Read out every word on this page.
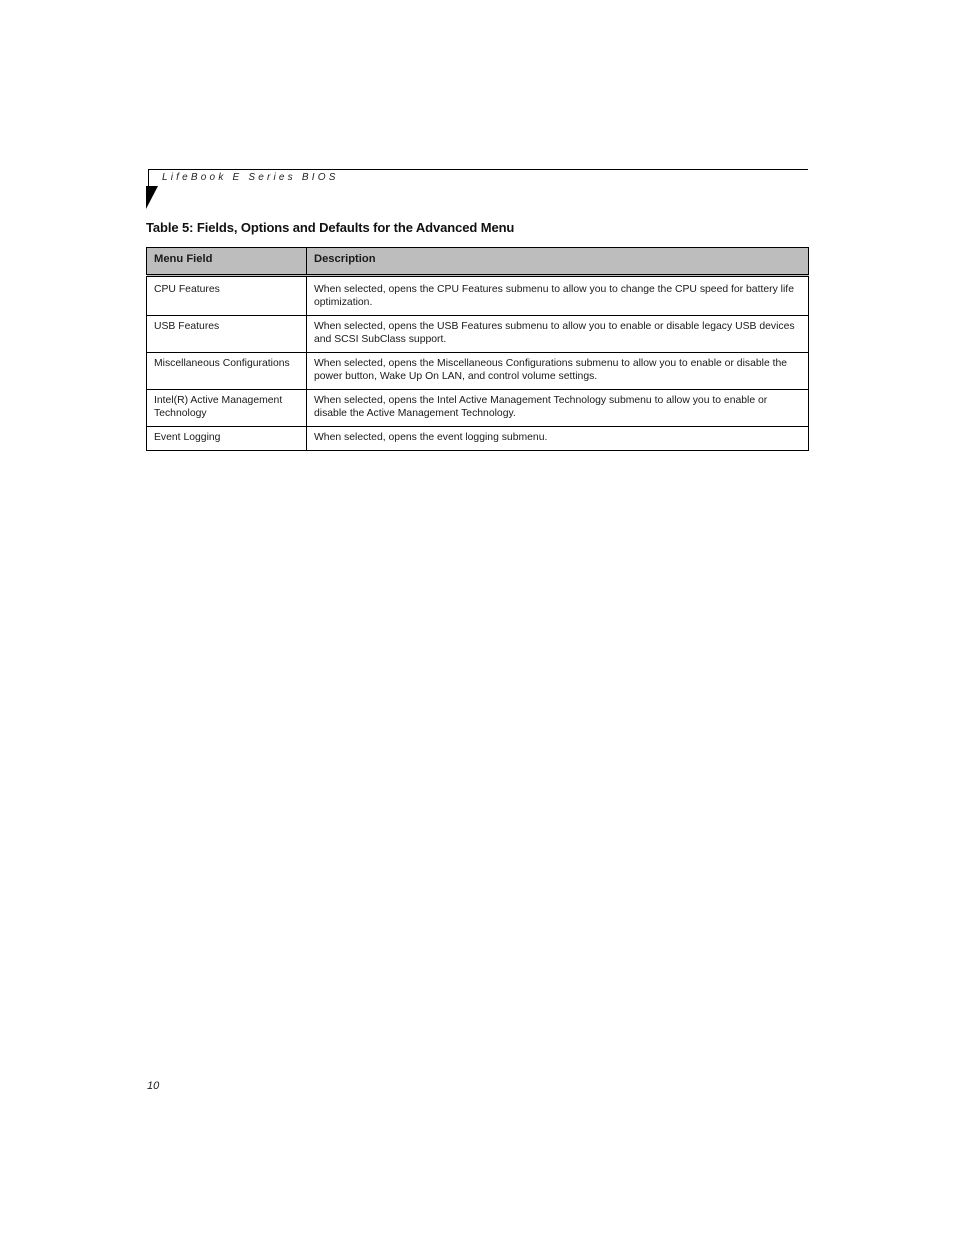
LifeBook E Series BIOS
Table 5: Fields, Options and Defaults for the Advanced Menu
Menu Field	Description
CPU Features	When selected, opens the CPU Features submenu to allow you to change the CPU speed for battery life optimization.
USB Features	When selected, opens the USB Features submenu to allow you to enable or disable legacy USB devices and SCSI SubClass support.
Miscellaneous Configurations	When selected, opens the Miscellaneous Configurations submenu to allow you to enable or disable the power button, Wake Up On LAN, and control volume settings.
Intel(R) Active Management Technology	When selected, opens the Intel Active Management Technology submenu to allow you to enable or disable the Active Management Technology.
Event Logging	When selected, opens the event logging submenu.
10
